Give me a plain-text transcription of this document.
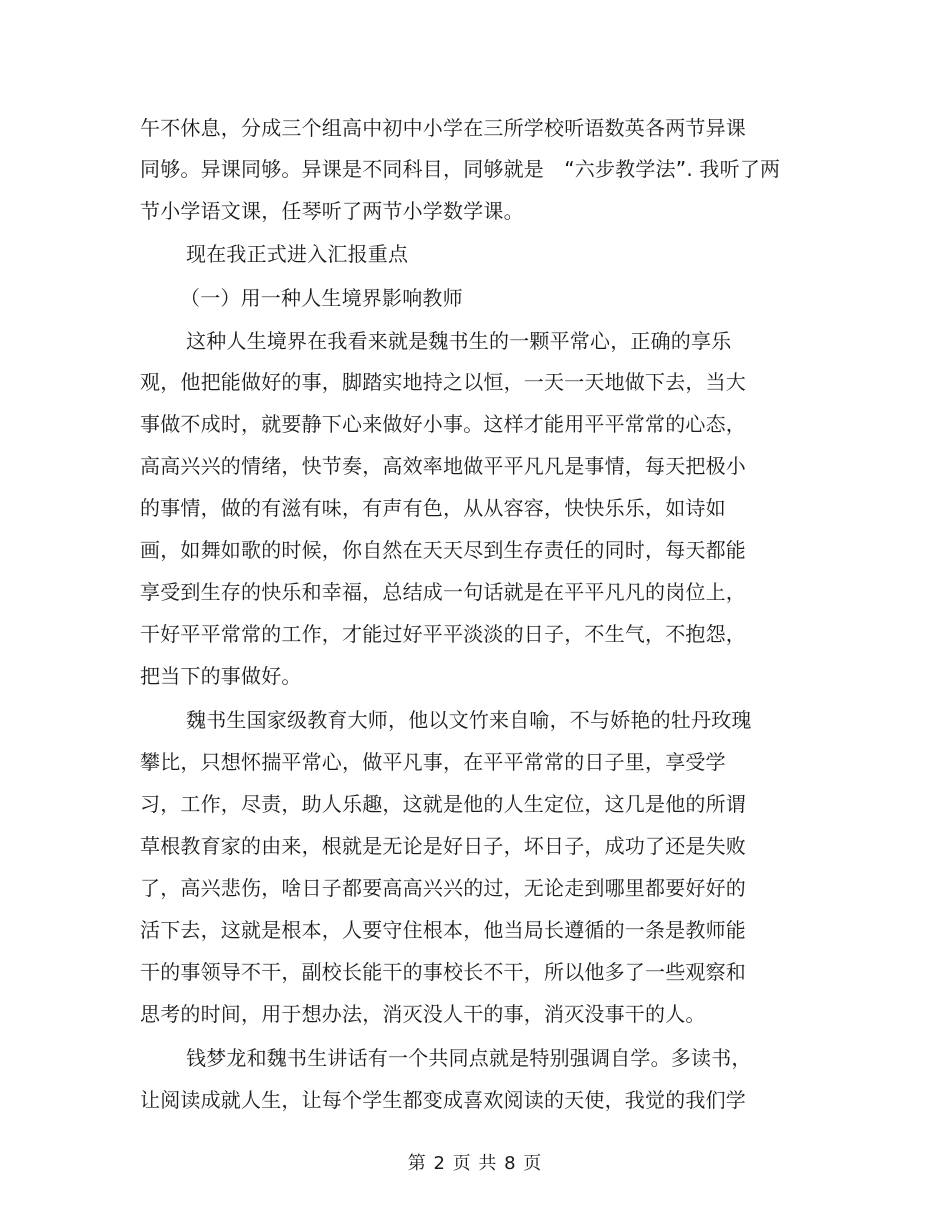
午不休息，分成三个组高中初中小学在三所学校听语数英各两节异课
同够。异课同够。异课是不同科目，同够就是　“六步教学法”. 我听了两
节小学语文课，任琴听了两节小学数学课。
现在我正式进入汇报重点
（一）用一种人生境界影响教师
这种人生境界在我看来就是魏书生的一颗平常心，正确的享乐
观，他把能做好的事，脚踏实地持之以恒，一天一天地做下去，当大
事做不成时，就要静下心来做好小事。这样才能用平平常常的心态，
高高兴兴的情绪，快节奏，高效率地做平平凡凡是事情，每天把极小
的事情，做的有滋有味，有声有色，从从容容，快快乐乐，如诗如
画，如舞如歌的时候，你自然在天天尽到生存责任的同时，每天都能
享受到生存的快乐和幸福，总结成一句话就是在平平凡凡的岗位上，
干好平平常常的工作，才能过好平平淡淡的日子，不生气，不抱怨，
把当下的事做好。
魏书生国家级教育大师，他以文竹来自喻，不与娇艳的牡丹玫瑰
攀比，只想怀揣平常心，做平凡事，在平平常常的日子里，享受学
习，工作，尽责，助人乐趣，这就是他的人生定位，这几是他的所谓
草根教育家的由来，根就是无论是好日子，坏日子，成功了还是失败
了，高兴悲伤，啥日子都要高高兴兴的过，无论走到哪里都要好好的
活下去，这就是根本，人要守住根本，他当局长遵循的一条是教师能
干的事领导不干，副校长能干的事校长不干，所以他多了一些观察和
思考的时间，用于想办法，消灭没人干的事，消灭没事干的人。
钱梦龙和魏书生讲话有一个共同点就是特别强调自学。多读书，
让阅读成就人生，让每个学生都变成喜欢阅读的天使，我觉的我们学
第 2 页 共 8 页
